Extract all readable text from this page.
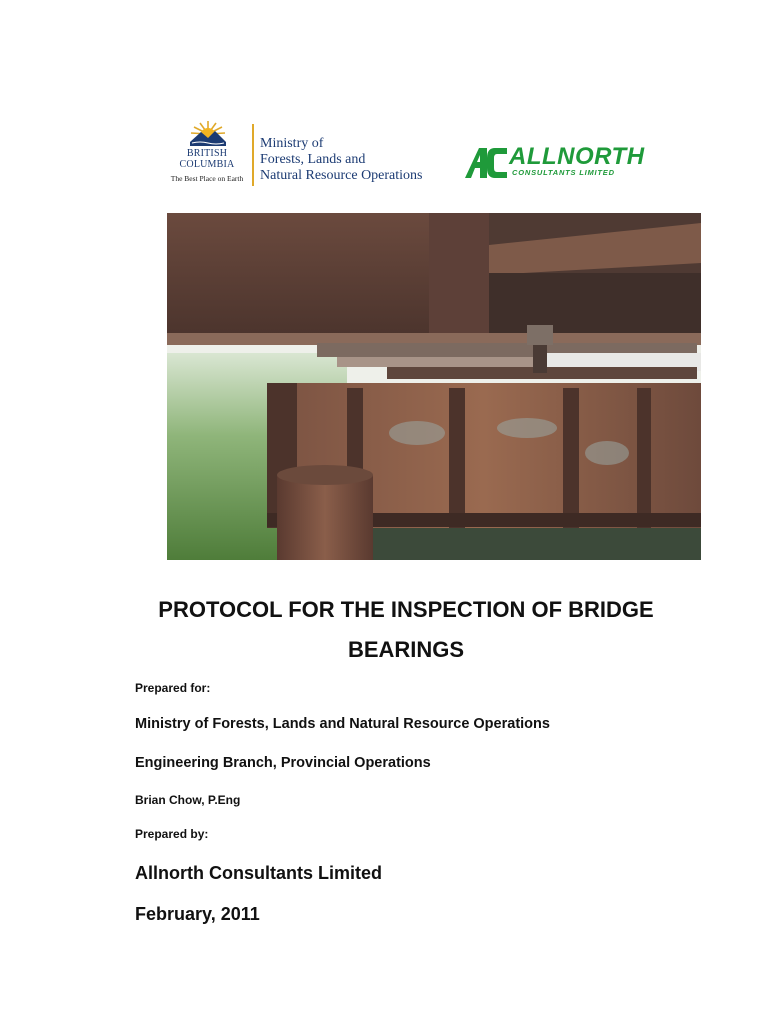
BRITISH
COLUMBIA
The Best Place on Earth
Ministry of
Forests, Lands and
Natural Resource Operations
ALLNORTH
CONSULTANTS LIMITED
PROTOCOL FOR THE INSPECTION OF BRIDGE BEARINGS
Prepared for:
Ministry of Forests, Lands and Natural Resource Operations
Engineering Branch, Provincial Operations
Brian Chow, P.Eng
Prepared by:
Allnorth Consultants Limited
February, 2011
